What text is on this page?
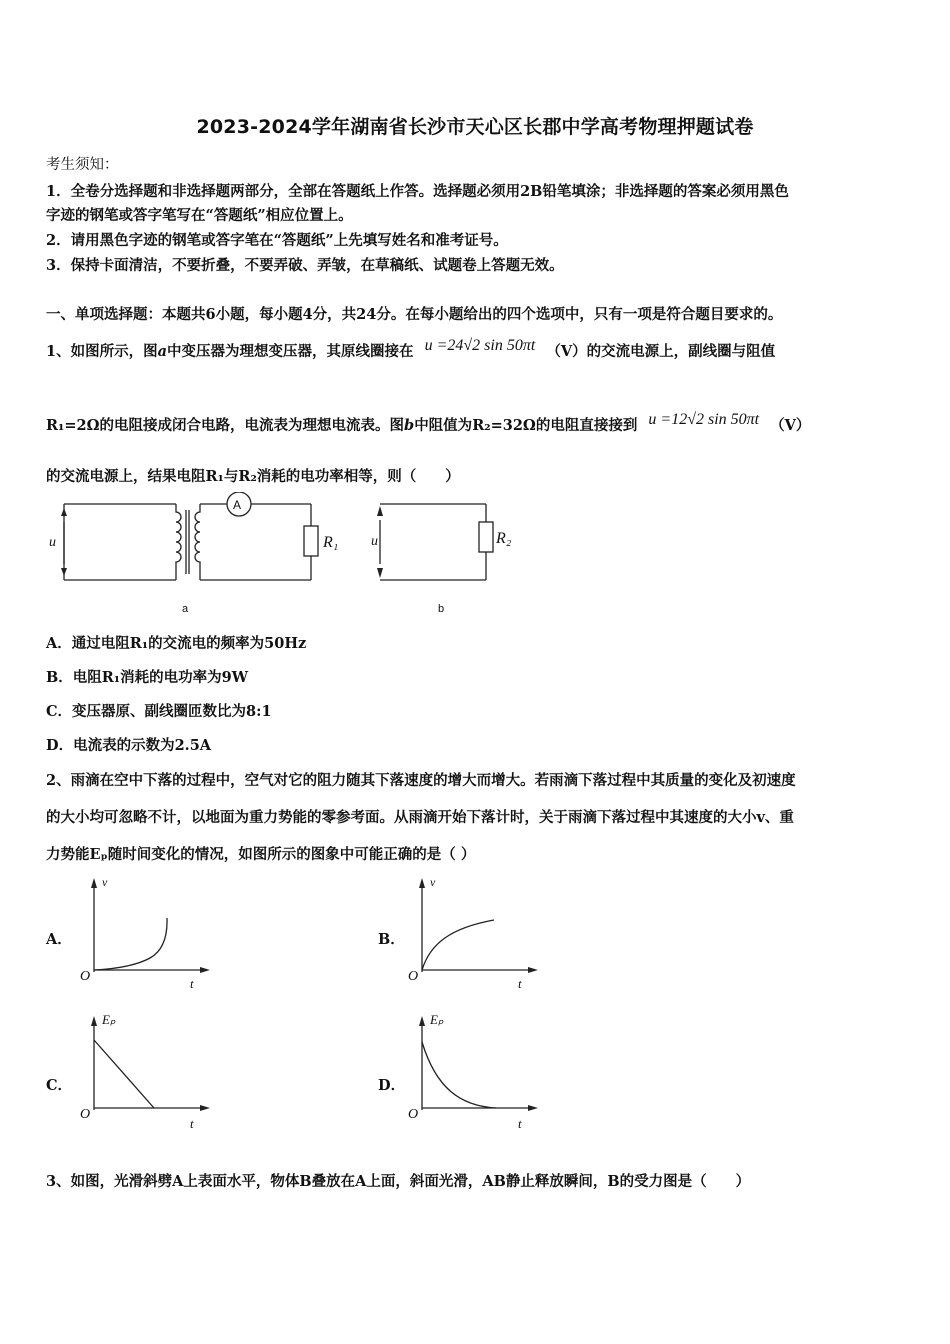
2023-2024学年湖南省长沙市天心区长郡中学高考物理押题试卷
考生须知：
1．全卷分选择题和非选择题两部分，全部在答题纸上作答。选择题必须用2B铅笔填涂；非选择题的答案必须用黑色
字迹的钢笔或答字笔写在“答题纸”相应位置上。
2．请用黑色字迹的钢笔或答字笔在“答题纸”上先填写姓名和准考证号。
3．保持卡面清洁，不要折叠，不要弄破、弄皱，在草稿纸、试题卷上答题无效。
一、单项选择题：本题共6小题，每小题4分，共24分。在每小题给出的四个选项中，只有一项是符合题目要求的。
1、如图所示，图a中变压器为理想变压器，其原线圈接在 u =24√2 sin 50πt （V）的交流电源上，副线圈与阻值
R₁=2Ω的电阻接成闭合电路，电流表为理想电流表。图b中阻值为R₂=32Ω的电阻直接接到 u =12√2 sin 50πt （V）
的交流电源上，结果电阻R₁与R₂消耗的电功率相等，则（　　）
u
A
R₁
a
u	R₂
b
A．通过电阻R₁的交流电的频率为50Hz
B．电阻R₁消耗的电功率为9W
C．变压器原、副线圈匝数比为8:1
D．电流表的示数为2.5A
2、雨滴在空中下落的过程中，空气对它的阻力随其下落速度的增大而增大。若雨滴下落过程中其质量的变化及初速度
的大小均可忽略不计，以地面为重力势能的零参考面。从雨滴开始下落计时，关于雨滴下落过程中其速度的大小v、重
力势能Eₚ随时间变化的情况，如图所示的图象中可能正确的是（ ）
A．
v
t
O
B．
v
t
O
C．
Eₚ
t
O
D．
Eₚ
t
O
3、如图，光滑斜劈A上表面水平，物体B叠放在A上面，斜面光滑，AB静止释放瞬间，B的受力图是（　　）
